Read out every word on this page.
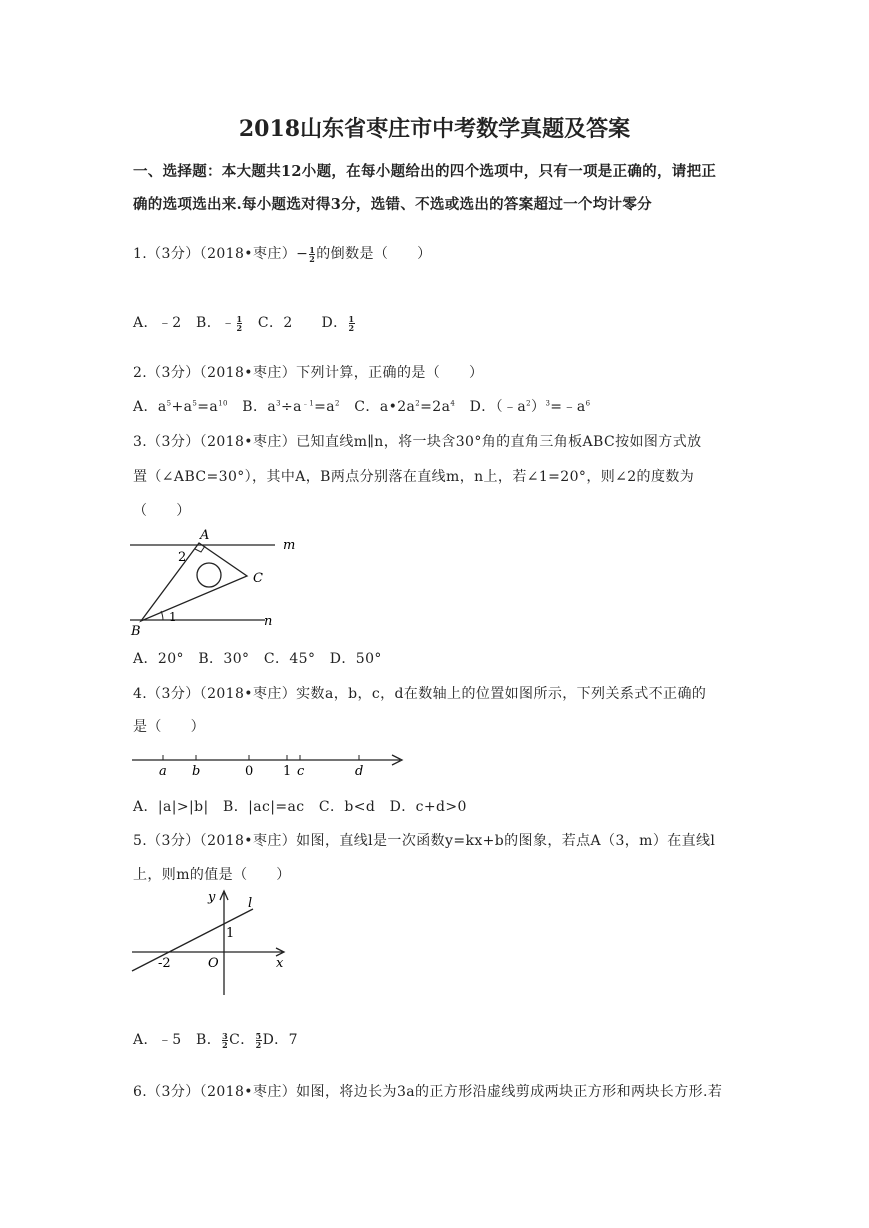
2018山东省枣庄市中考数学真题及答案
一、选择题：本大题共12小题，在每小题给出的四个选项中，只有一项是正确的，请把正
确的选项选出来.每小题选对得3分，选错、不选或选出的答案超过一个均计零分
1.（3分）（2018•枣庄）− $\frac{1}{2}$ 的倒数是（　　）
A．﹣2　B．﹣ $\frac{1}{2}$ 　C．2　　D． $\frac{1}{2}$
2.（3分）（2018•枣庄）下列计算，正确的是（　　）
A．$a^5+a^5=a^{10}$　B．$a^3\div a^{﹣1}=a^2$　C．$a•2a^2=2a^4$　D．$(﹣a^2)^3=﹣a^6$
3.（3分）（2018•枣庄）已知直线m∥n，将一块含30°角的直角三角板ABC按如图方式放
置（∠ABC=30°），其中A，B两点分别落在直线m，n上，若∠1=20°，则∠2的度数为
（　　）
A
2
C
m
1
B
n
A．20°　B．30°　C．45°　D．50°
4.（3分）（2018•枣庄）实数a，b，c，d在数轴上的位置如图所示，下列关系式不正确的
是（　　）
a b	0 1 c	d
A．|a|>|b|　B．|ac|=ac　C．b<d　D．c+d>0
5.（3分）（2018•枣庄）如图，直线l是一次函数y=kx+b的图象，若点A（3，m）在直线l
上，则m的值是（　　）
y	l
1
-2	O	x
A．﹣5　B． $\frac{3}{2}$ C． $\frac{5}{2}$ D．7
6.（3分）（2018•枣庄）如图，将边长为3a的正方形沿虚线剪成两块正方形和两块长方形.若
